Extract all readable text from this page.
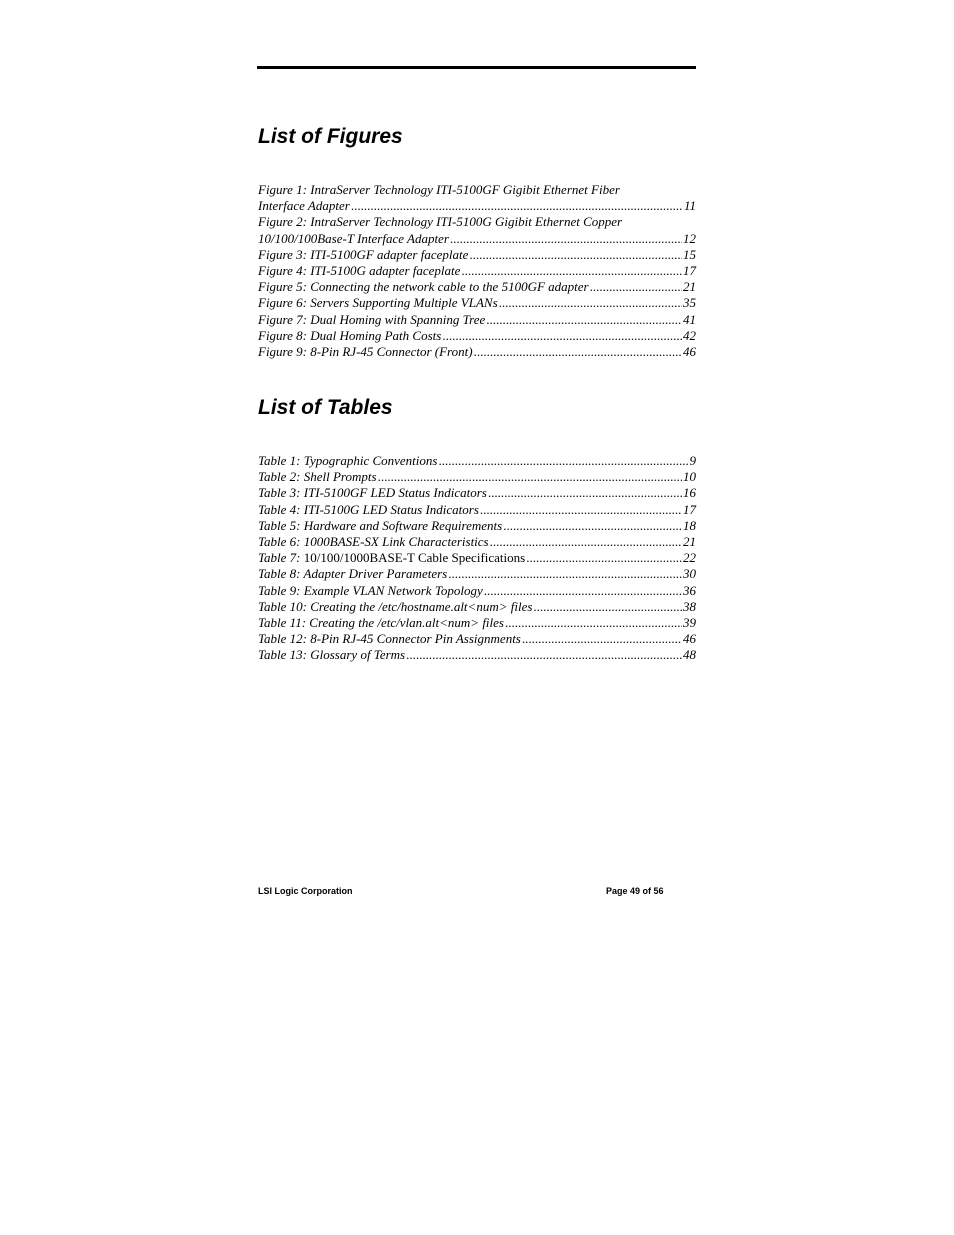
List of Figures
Figure 1: IntraServer Technology ITI-5100GF Gigibit Ethernet Fiber
Interface Adapter .....	11
Figure 2: IntraServer Technology ITI-5100G Gigibit Ethernet Copper
10/100/100Base-T Interface Adapter .....	12
Figure 3: ITI-5100GF adapter faceplate .....	15
Figure 4: ITI-5100G adapter faceplate .....	17
Figure 5: Connecting the network cable to the 5100GF adapter .....	21
Figure 6: Servers Supporting Multiple VLANs .....	35
Figure 7: Dual Homing with Spanning Tree .....	41
Figure 8: Dual Homing Path Costs .....	42
Figure 9: 8-Pin RJ-45 Connector (Front) .....	46
List of Tables
Table 1: Typographic Conventions .....	9
Table 2: Shell Prompts .....	10
Table 3: ITI-5100GF LED Status Indicators .....	16
Table 4: ITI-5100G LED Status Indicators .....	17
Table 5: Hardware and Software Requirements .....	18
Table 6: 1000BASE-SX Link Characteristics .....	21
Table 7: 10/100/1000BASE-T Cable Specifications .....	22
Table 8: Adapter Driver Parameters .....	30
Table 9: Example VLAN Network Topology .....	36
Table 10: Creating the /etc/hostname.alt<num> files .....	38
Table 11: Creating the /etc/vlan.alt<num> files .....	39
Table 12: 8-Pin RJ-45 Connector Pin Assignments .....	46
Table 13: Glossary of Terms .....	48
LSI Logic Corporation	Page 49 of 56
